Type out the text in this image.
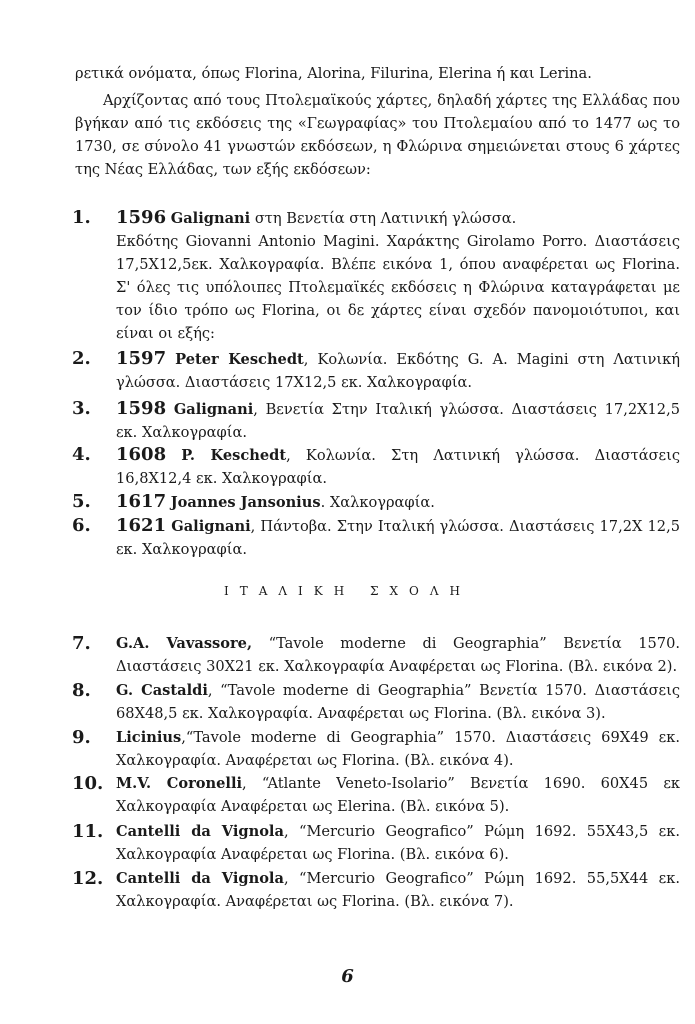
ρετικά ονόματα, όπως Florina, Alorina, Filurina, Elerina ή και Lerina.

Αρχίζοντας από τους Πτολεμαϊκούς χάρτες, δηλαδή χάρτες της Ελλάδας που βγήκαν από τις εκδόσεις της «Γεωγραφίας» του Πτολεμαίου από το 1477 ως το 1730, σε σύνολο 41 γνωστών εκδόσεων, η Φλώρινα σημειώνεται στους 6 χάρτες της Νέας Ελλάδας, των εξής εκδόσεων:

1.	1596 Galignani στη Βενετία στη Λατινική γλώσσα.
Εκδότης Giovanni Antonio Magini. Χαράκτης Girolamo Porro. Διαστάσεις 17,5Χ12,5εκ. Χαλκογραφία. Βλέπε εικόνα 1, όπου αναφέρεται ως Florina. Σ' όλες τις υπόλοιπες Πτολεμαϊκές εκδόσεις η Φλώρινα καταγράφεται με τον ίδιο τρόπο ως Florina, οι δε χάρτες είναι σχεδόν πανομοιότυποι, και είναι οι εξής:
2.	1597 Peter Keschedt, Κολωνία. Εκδότης G. A. Magini στη Λατινική γλώσσα. Διαστάσεις 17Χ12,5 εκ. Χαλκογραφία.
3.	1598 Galignani, Βενετία Στην Ιταλική γλώσσα. Διαστάσεις 17,2Χ12,5 εκ. Χαλκογραφία.
4.	1608 P. Keschedt, Κολωνία. Στη Λατινική γλώσσα. Διαστάσεις 16,8Χ12,4 εκ. Χαλκογραφία.
5.	1617 Joannes Jansonius. Χαλκογραφία.
6.	1621 Galignani, Πάντοβα. Στην Ιταλική γλώσσα. Διαστάσεις 17,2Χ 12,5 εκ. Χαλκογραφία.
ΙΤΑΛΙΚΗ ΣΧΟΛΗ
7.	G.A. Vavassore, “Tavole moderne di Geographia” Βενετία 1570. Διαστάσεις 30Χ21 εκ. Χαλκογραφία Αναφέρεται ως Florina. (Βλ. εικόνα 2).
8.	G. Castaldi, “Tavole moderne di Geographia” Βενετία 1570. Διαστάσεις 68Χ48,5 εκ. Χαλκογραφία. Αναφέρεται ως Florina. (Βλ. εικόνα 3).
9.	Licinius,“Tavole moderne di Geographia” 1570. Διαστάσεις 69Χ49 εκ. Χαλκογραφία. Αναφέρεται ως Florina. (Βλ. εικόνα 4).
10. M.V. Coronelli, “Atlante Veneto-Isolario” Βενετία 1690. 60Χ45 εκ Χαλκογραφία Αναφέρεται ως Elerina. (Βλ. εικόνα 5).
11. Cantelli da Vignola, “Mercurio Geografico” Ρώμη 1692. 55Χ43,5 εκ. Χαλκογραφία Αναφέρεται ως Florina. (Βλ. εικόνα 6).
12. Cantelli da Vignola, “Mercurio Geografico” Ρώμη 1692. 55,5Χ44 εκ. Χαλκογραφία. Αναφέρεται ως Florina. (Βλ. εικόνα 7).
6
